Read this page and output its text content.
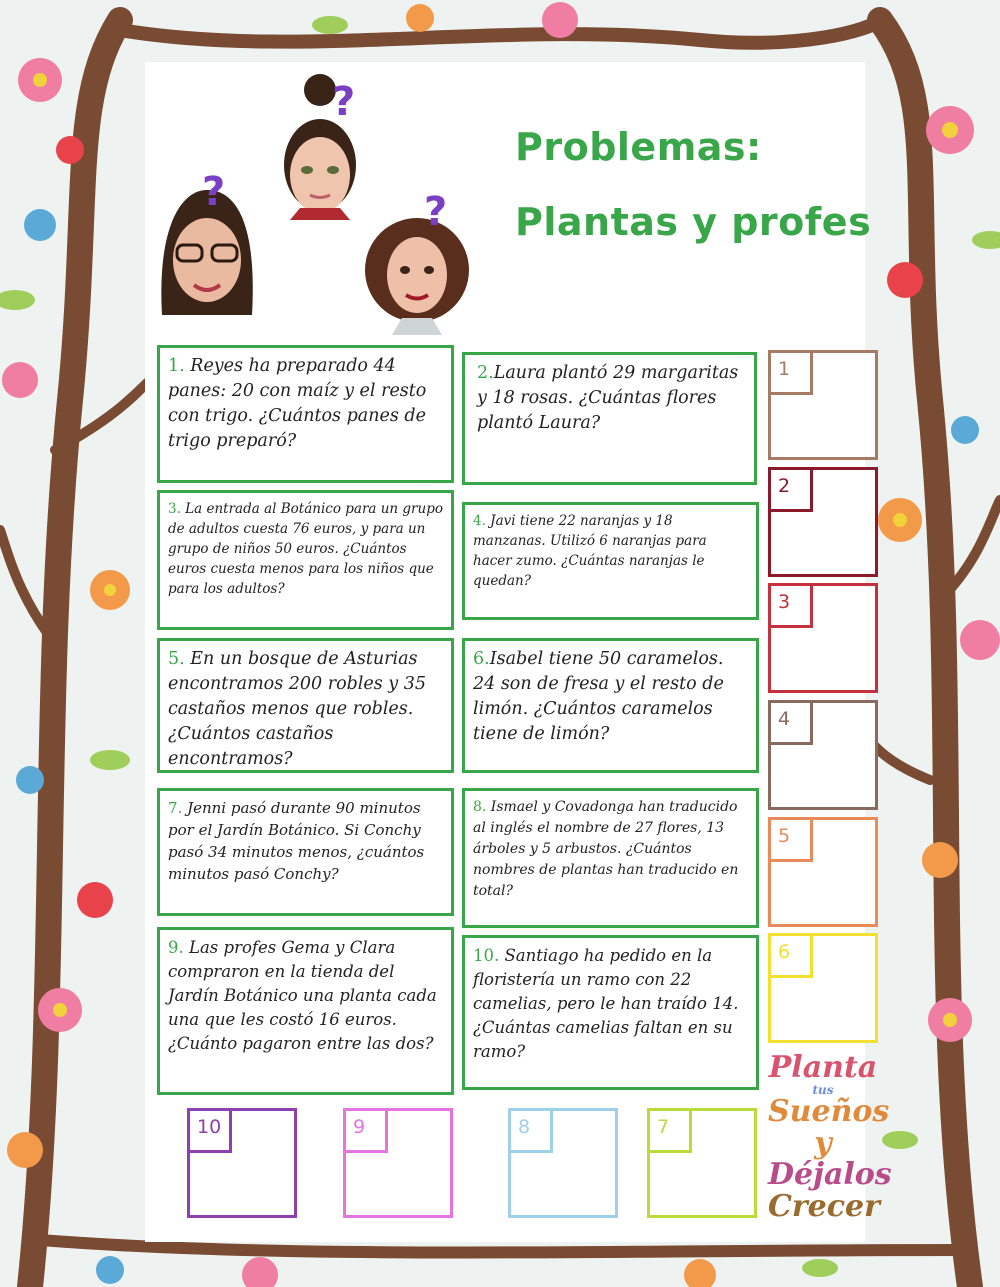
Problemas:
Plantas y profes
?
?
?
1. Reyes ha preparado 44 panes: 20 con maíz y el resto con trigo. ¿Cuántos panes de trigo preparó?
2.Laura plantó 29 margaritas y 18 rosas. ¿Cuántas flores plantó Laura?
3. La entrada al Botánico para un grupo de adultos cuesta 76 euros, y para un grupo de niños 50 euros. ¿Cuántos euros cuesta menos para los niños que para los adultos?
4. Javi tiene 22 naranjas y 18 manzanas. Utilizó 6 naranjas para hacer zumo. ¿Cuántas naranjas le quedan?
5. En un bosque de Asturias encontramos 200 robles y 35 castaños menos que robles. ¿Cuántos castaños encontramos?
6.Isabel tiene 50 caramelos. 24 son de fresa y el resto de limón. ¿Cuántos caramelos tiene de limón?
7. Jenni pasó durante 90 minutos por el Jardín Botánico. Si Conchy pasó 34 minutos menos, ¿cuántos minutos pasó Conchy?
8. Ismael y Covadonga han traducido al inglés el nombre de 27 flores, 13 árboles y 5 arbustos. ¿Cuántos nombres de plantas han traducido en total?
9. Las profes Gema y Clara compraron en la tienda del Jardín Botánico una planta cada una que les costó 16 euros. ¿Cuánto pagaron entre las dos?
10. Santiago ha pedido en la floristería un ramo con 22 camelias, pero le han traído 14. ¿Cuántas camelias faltan en su ramo?
1
2
3
4
5
6
10	9	8	7
Planta
tus
Sueños y
Déjalos
Crecer
